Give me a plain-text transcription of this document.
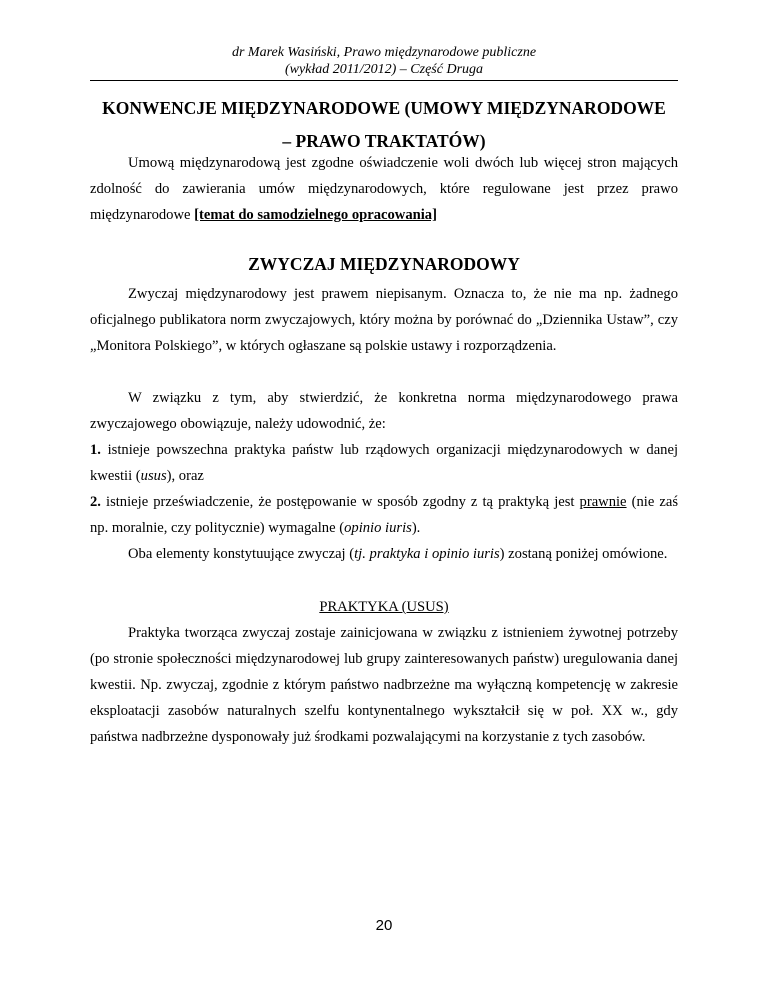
dr Marek Wasiński, Prawo międzynarodowe publiczne
(wykład 2011/2012) – Część Druga
KONWENCJE MIĘDZYNARODOWE (UMOWY MIĘDZYNARODOWE
– PRAWO TRAKTATÓW)

Umową międzynarodową jest zgodne oświadczenie woli dwóch lub więcej stron mających zdolność do zawierania umów międzynarodowych, które regulowane jest przez prawo międzynarodowe [temat do samodzielnego opracowania]

ZWYCZAJ MIĘDZYNARODOWY

Zwyczaj międzynarodowy jest prawem niepisanym. Oznacza to, że nie ma np. żadnego oficjalnego publikatora norm zwyczajowych, który można by porównać do „Dziennika Ustaw”, czy „Monitora Polskiego”, w których ogłaszane są polskie ustawy i rozporządzenia.

W związku z tym, aby stwierdzić, że konkretna norma międzynarodowego prawa zwyczajowego obowiązuje, należy udowodnić, że:

1. istnieje powszechna praktyka państw lub rządowych organizacji międzynarodowych w danej kwestii (usus), oraz

2. istnieje przeświadczenie, że postępowanie w sposób zgodny z tą praktyką jest prawnie (nie zaś np. moralnie, czy politycznie) wymagalne (opinio iuris).

Oba elementy konstytuujące zwyczaj (tj. praktyka i opinio iuris) zostaną poniżej omówione.

PRAKTYKA (USUS)

Praktyka tworząca zwyczaj zostaje zainicjowana w związku z istnieniem żywotnej potrzeby (po stronie społeczności międzynarodowej lub grupy zainteresowanych państw) uregulowania danej kwestii. Np. zwyczaj, zgodnie z którym państwo nadbrzeżne ma wyłączną kompetencję w zakresie eksploatacji zasobów naturalnych szelfu kontynentalnego wykształcił się w poł. XX w., gdy państwa nadbrzeżne dysponowały już środkami pozwalającymi na korzystanie z tych zasobów.

20
